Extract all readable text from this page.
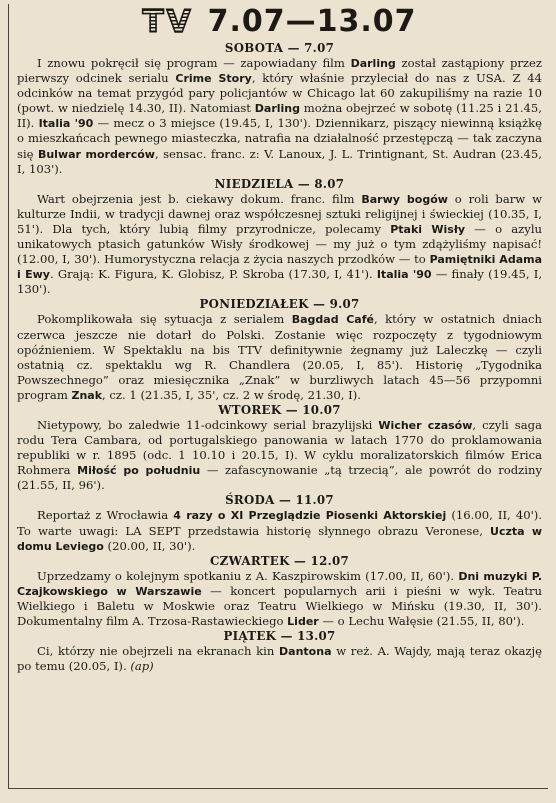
TV 7.07—13.07

SOBOTA — 7.07

I znowu pokręcił się program — zapowiadany film Darling został zastąpiony przez pierwszy odcinek serialu Crime Story, który właśnie przyleciał do nas z USA. Z 44 odcinków na temat przygód pary policjantów w Chicago lat 60 zakupiliśmy na razie 10 (powt. w niedzielę 14.30, II). Natomiast Darling można obejrzeć w sobotę (11.25 i 21.45, II). Italia '90 — mecz o 3 miejsce (19.45, I, 130'). Dziennikarz, piszący niewinną książkę o mieszkańcach pewnego miasteczka, natrafia na działalność przestępczą — tak zaczyna się Bulwar morderców, sensac. franc. z: V. Lanoux, J. L. Trintignant, St. Audran (23.45, I, 103').

NIEDZIELA — 8.07

Wart obejrzenia jest b. ciekawy dokum. franc. film Barwy bogów o roli barw w kulturze Indii, w tradycji dawnej oraz współczesnej sztuki religijnej i świeckiej (10.35, I, 51'). Dla tych, który lubią filmy przyrodnicze, polecamy Ptaki Wisły — o azylu unikatowych ptasich gatunków Wisły środkowej — my już o tym zdążyliśmy napisać! (12.00, I, 30'). Humorystyczna relacja z życia naszych przodków — to Pamiętniki Adama i Ewy. Grają: K. Figura, K. Globisz, P. Skroba (17.30, I, 41'). Italia '90 — finały (19.45, I, 130').

PONIEDZIAŁEK — 9.07

Pokomplikowała się sytuacja z serialem Bagdad Café, który w ostatnich dniach czerwca jeszcze nie dotarł do Polski. Zostanie więc rozpoczęty z tygodniowym opóźnieniem. W Spektaklu na bis TTV definitywnie żegnamy już Laleczkę — czyli ostatnią cz. spektaklu wg R. Chandlera (20.05, I, 85'). Historię „Tygodnika Powszechnego” oraz miesięcznika „Znak” w burzliwych latach 45—56 przypomni program Znak, cz. 1 (21.35, I, 35', cz. 2 w środę, 21.30, I).

WTOREK — 10.07

Nietypowy, bo zaledwie 11-odcinkowy serial brazylijski Wicher czasów, czyli saga rodu Tera Cambara, od portugalskiego panowania w latach 1770 do proklamowania republiki w r. 1895 (odc. 1 10.10 i 20.15, I). W cyklu moralizatorskich filmów Erica Rohmera Miłość po południu — zafascynowanie „tą trzecią”, ale powrót do rodziny (21.55, II, 96').

ŚRODA — 11.07

Reportaż z Wrocławia 4 razy o XI Przeglądzie Piosenki Aktorskiej (16.00, II, 40'). To warte uwagi: LA SEPT przedstawia historię słynnego obrazu Veronese, Uczta w domu Leviego (20.00, II, 30').

CZWARTEK — 12.07

Uprzedzamy o kolejnym spotkaniu z A. Kaszpirowskim (17.00, II, 60'). Dni muzyki P. Czajkowskiego w Warszawie — koncert popularnych arii i pieśni w wyk. Teatru Wielkiego i Baletu w Moskwie oraz Teatru Wielkiego w Mińsku (19.30, II, 30'). Dokumentalny film A. Trzosa-Rastawieckiego Lider — o Lechu Wałęsie (21.55, II, 80').

PIĄTEK — 13.07

Ci, którzy nie obejrzeli na ekranach kin Dantona w reż. A. Wajdy, mają teraz okazję po temu (20.05, I). (ap)
